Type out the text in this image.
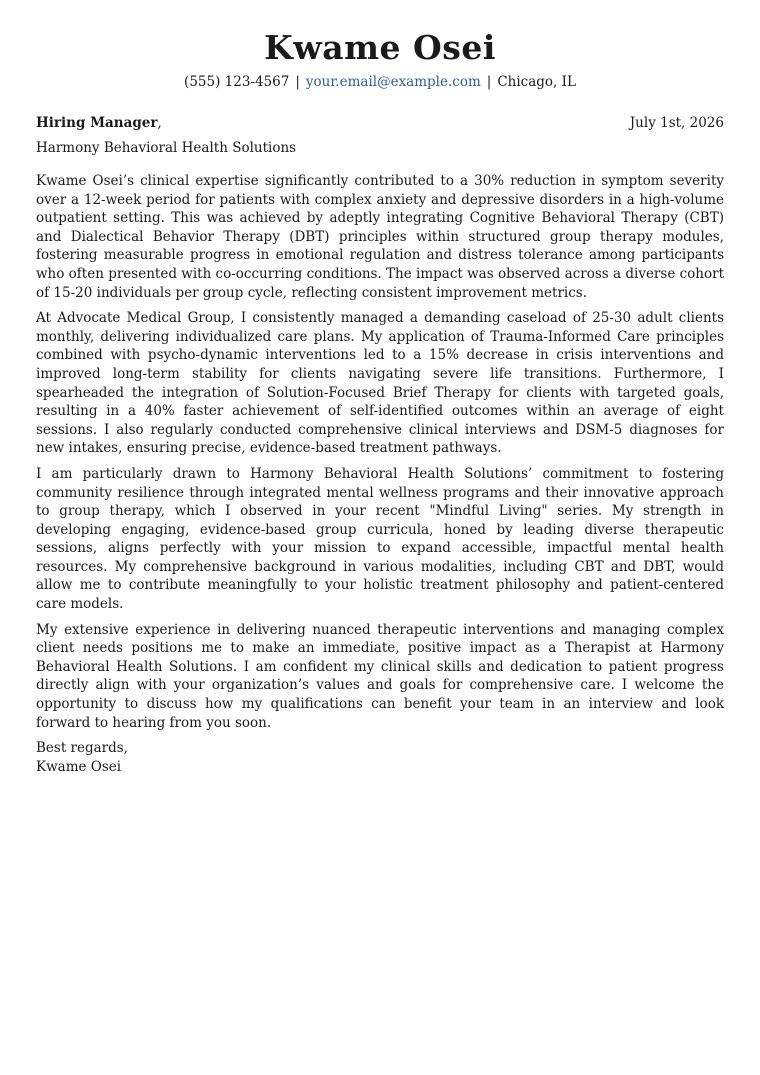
Kwame Osei
(555) 123-4567 | your.email@example.com | Chicago, IL
Hiring Manager,	July 1st, 2026
Harmony Behavioral Health Solutions

Kwame Osei’s clinical expertise significantly contributed to a 30% reduction in symptom severity over a 12-week period for patients with complex anxiety and depressive disorders in a high-volume outpatient setting. This was achieved by adeptly integrating Cognitive Behavioral Therapy (CBT) and Dialectical Behavior Therapy (DBT) principles within structured group therapy modules, fostering measurable progress in emotional regulation and distress tolerance among participants who often presented with co-occurring conditions. The impact was observed across a diverse cohort of 15-20 individuals per group cycle, reflecting consistent improvement metrics.

At Advocate Medical Group, I consistently managed a demanding caseload of 25-30 adult clients monthly, delivering individualized care plans. My application of Trauma-Informed Care principles combined with psycho-dynamic interventions led to a 15% decrease in crisis interventions and improved long-term stability for clients navigating severe life transitions. Furthermore, I spearheaded the integration of Solution-Focused Brief Therapy for clients with targeted goals, resulting in a 40% faster achievement of self-identified outcomes within an average of eight sessions. I also regularly conducted comprehensive clinical interviews and DSM-5 diagnoses for new intakes, ensuring precise, evidence-based treatment pathways.

I am particularly drawn to Harmony Behavioral Health Solutions’ commitment to fostering community resilience through integrated mental wellness programs and their innovative approach to group therapy, which I observed in your recent "Mindful Living" series. My strength in developing engaging, evidence-based group curricula, honed by leading diverse therapeutic sessions, aligns perfectly with your mission to expand accessible, impactful mental health resources. My comprehensive background in various modalities, including CBT and DBT, would allow me to contribute meaningfully to your holistic treatment philosophy and patient-centered care models.

My extensive experience in delivering nuanced therapeutic interventions and managing complex client needs positions me to make an immediate, positive impact as a Therapist at Harmony Behavioral Health Solutions. I am confident my clinical skills and dedication to patient progress directly align with your organization’s values and goals for comprehensive care. I welcome the opportunity to discuss how my qualifications can benefit your team in an interview and look forward to hearing from you soon.

Best regards,
Kwame Osei
